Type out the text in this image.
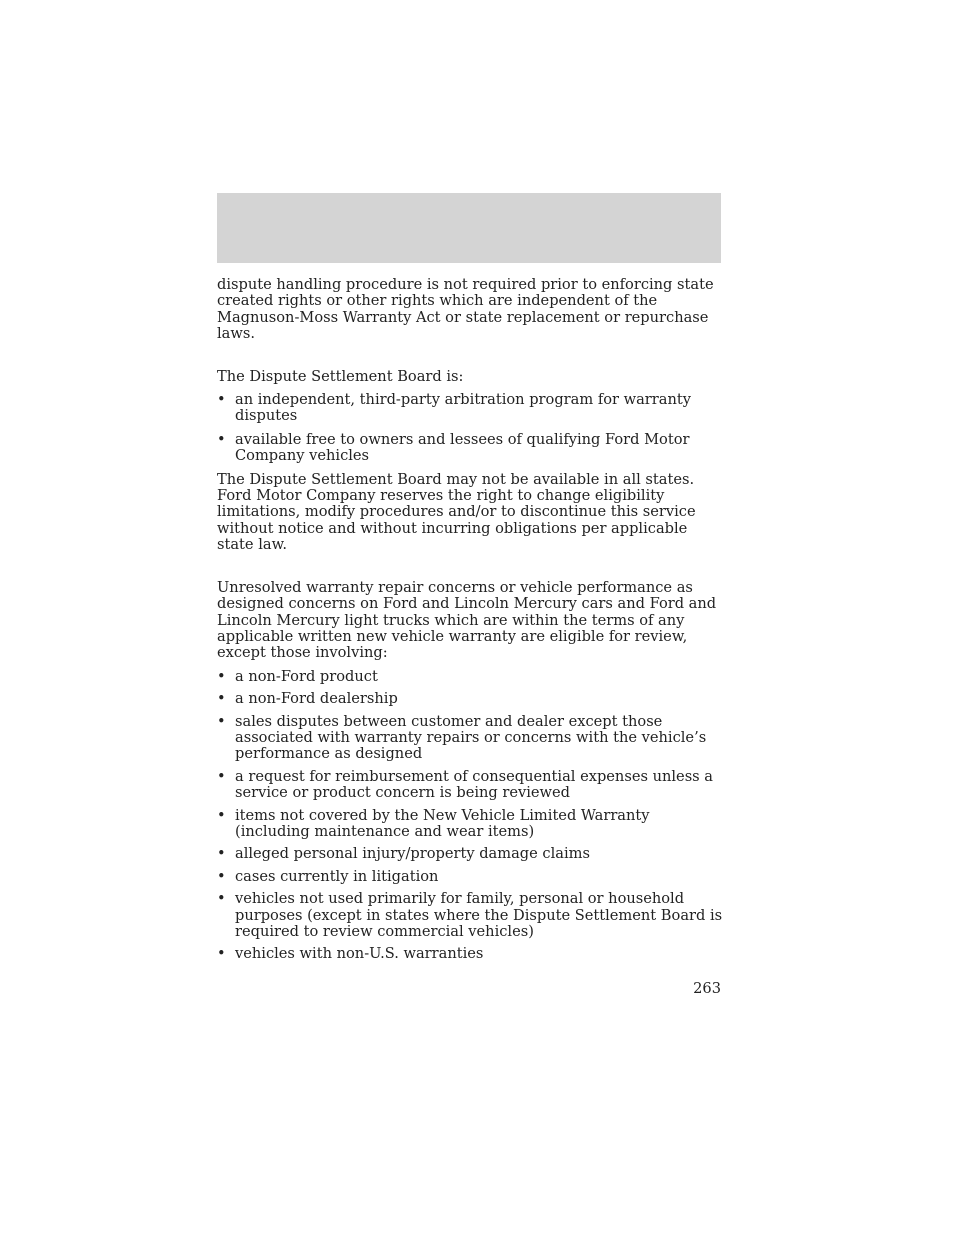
dispute handling procedure is not required prior to enforcing state created rights or other rights which are independent of the Magnuson-Moss Warranty Act or state replacement or repurchase laws.

The Dispute Settlement Board is:

• an independent, third-party arbitration program for warranty disputes
• available free to owners and lessees of qualifying Ford Motor Company vehicles

The Dispute Settlement Board may not be available in all states. Ford Motor Company reserves the right to change eligibility limitations, modify procedures and/or to discontinue this service without notice and without incurring obligations per applicable state law.

Unresolved warranty repair concerns or vehicle performance as designed concerns on Ford and Lincoln Mercury cars and Ford and Lincoln Mercury light trucks which are within the terms of any applicable written new vehicle warranty are eligible for review, except those involving:

• a non-Ford product
• a non-Ford dealership
• sales disputes between customer and dealer except those associated with warranty repairs or concerns with the vehicle’s performance as designed
• a request for reimbursement of consequential expenses unless a service or product concern is being reviewed
• items not covered by the New Vehicle Limited Warranty (including maintenance and wear items)
• alleged personal injury/property damage claims
• cases currently in litigation
• vehicles not used primarily for family, personal or household purposes (except in states where the Dispute Settlement Board is required to review commercial vehicles)
• vehicles with non-U.S. warranties
263
